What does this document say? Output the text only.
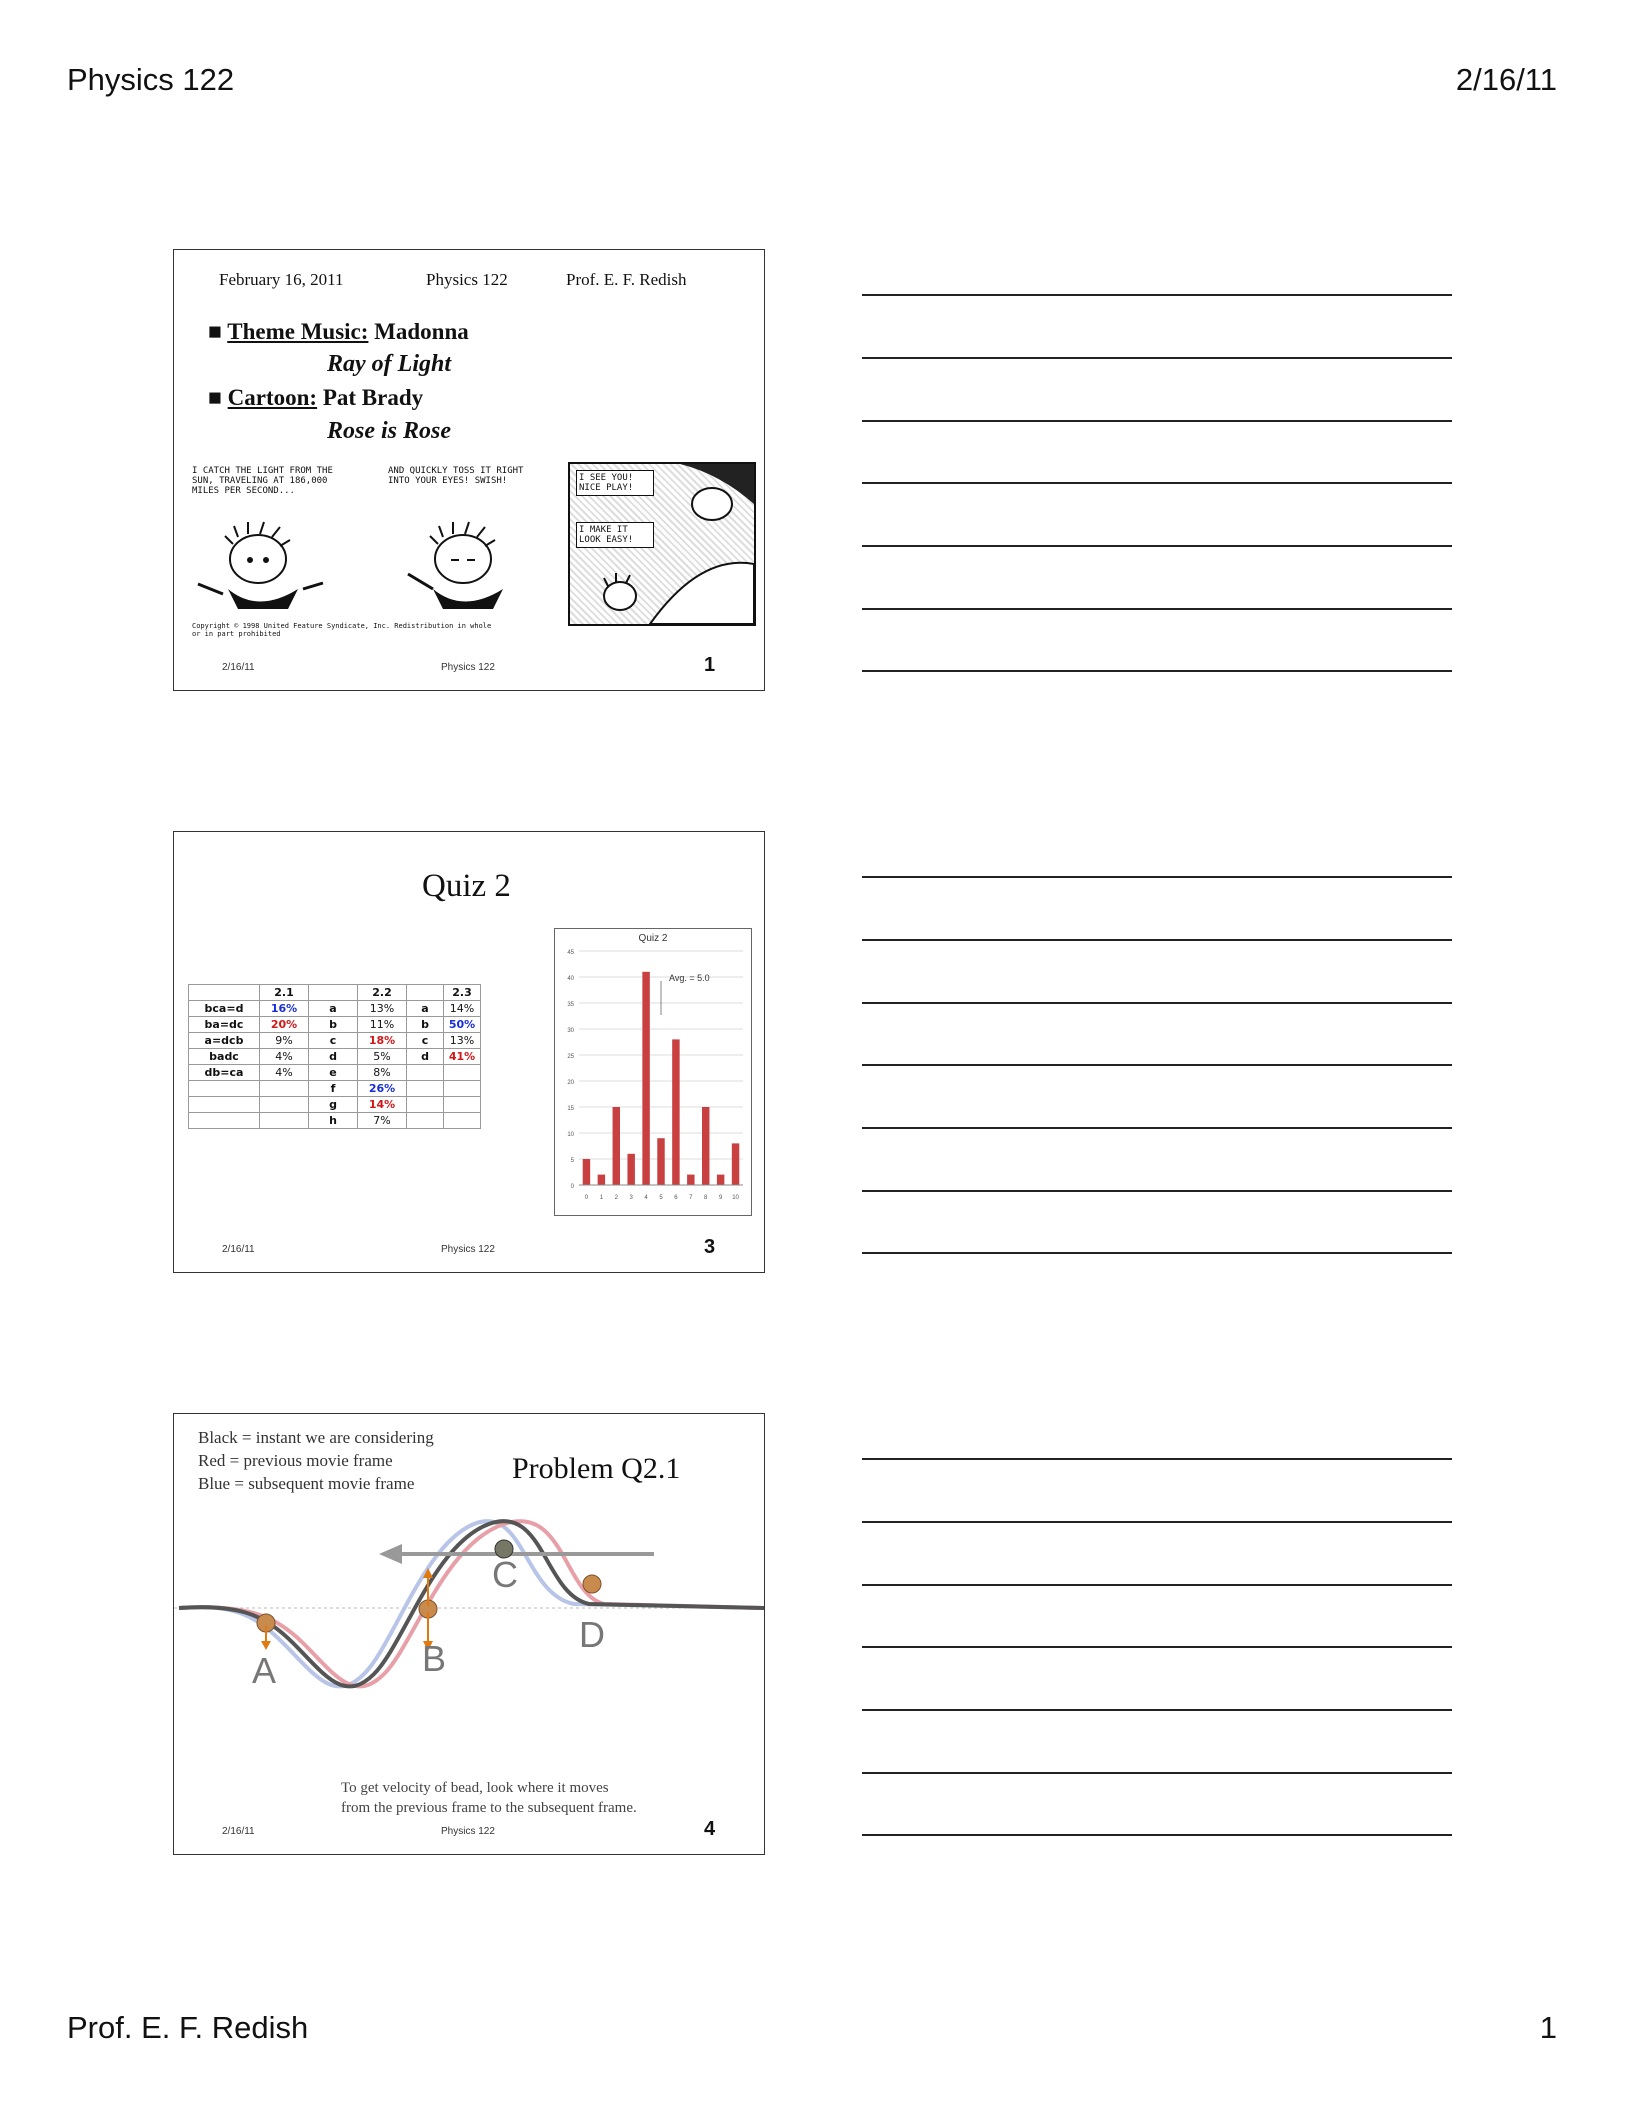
Physics 122	2/16/11
Prof. E. F. Redish	1
February 16, 2011	Physics 122	Prof. E. F. Redish
■ Theme Music: Madonna
Ray of Light
■ Cartoon: Pat Brady
Rose is Rose
I CATCH THE LIGHT FROM THE SUN, TRAVELING AT 186,000 MILES PER SECOND...
AND QUICKLY TOSS IT RIGHT INTO YOUR EYES! SWISH!	I SEE YOU! NICE PLAY!
I MAKE IT LOOK EASY!
Copyright © 1998 United Feature Syndicate, Inc. Redistribution in whole or in part prohibited
2/16/11	Physics 122	1
Quiz 2
	2.1		2.2		2.3
bca=d	16%	a	13%	a	14%
ba=dc	20%	b	11%	b	50%
a=dcb	9%	c	18%	c	13%
badc	4%	d	5%	d	41%
db=ca	4%	e	8%		
		f	26%		
		g	14%		
		h	7%		
Quiz 2
0
5
10
15
20
25
30
35
40
45
0 1 2 3 4 5 6 7 8 9 10
Avg. = 5.0
2/16/11	Physics 122	3
Black = instant we are considering
Red = previous movie frame
Blue = subsequent movie frame	Problem Q2.1
A	B
C
D
To get velocity of bead, look where it moves
from the previous frame to the subsequent frame.
2/16/11	Physics 122	4
